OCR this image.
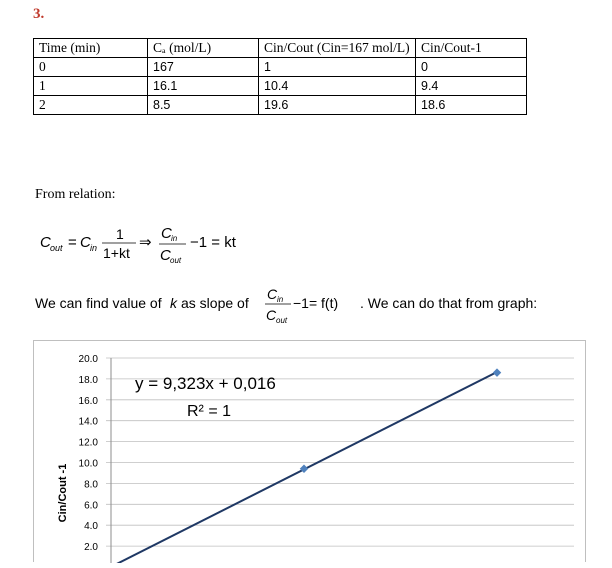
3.
Time (min)	Cₐ (mol/L)	Cin/Cout (Cin=167 mol/L)	Cin/Cout-1
0	167	1	0
1	16.1	10.4	9.4
2	8.5	19.6	18.6
From relation:
C out = C in
1
1+kt
⇒
C in
C out
−1 = kt
We can find value of k as slope of
C in
C out
−1= f(t) . We can do that from graph:
20.0
18.0
16.0
14.0
12.0
10.0
8.0
6.0
4.0
2.0
Cin/Cout -1
y = 9,323x + 0,016
R² = 1
